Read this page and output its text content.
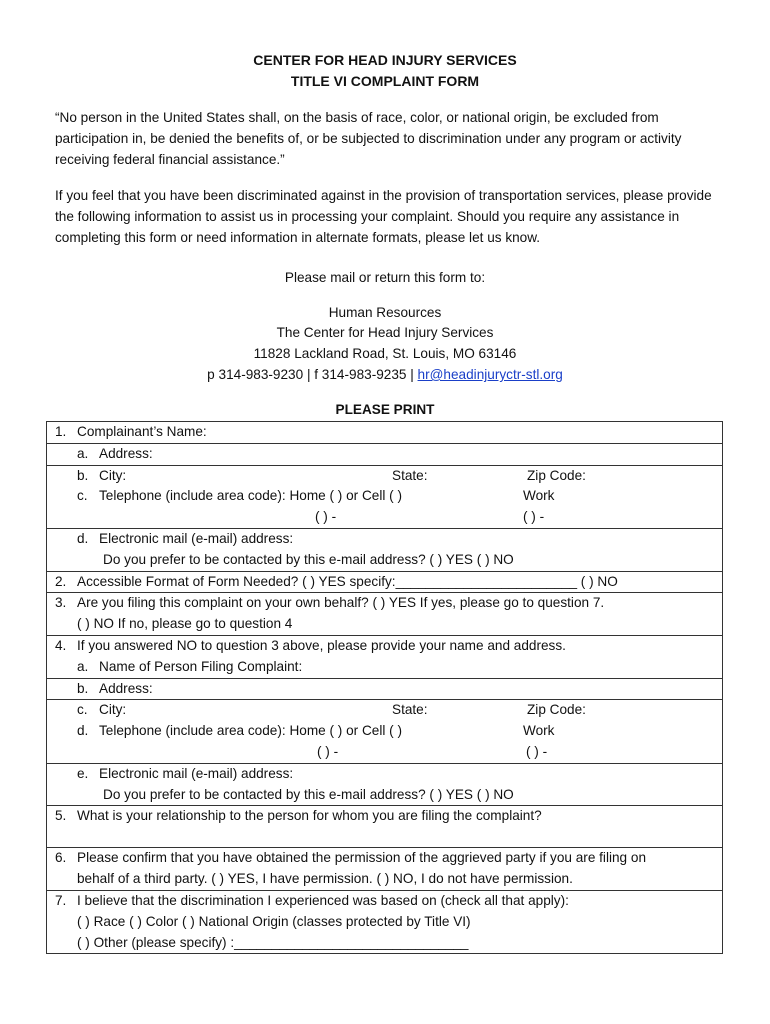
CENTER FOR HEAD INJURY SERVICES
TITLE VI COMPLAINT FORM
“No person in the United States shall, on the basis of race, color, or national origin, be excluded from participation in, be denied the benefits of, or be subjected to discrimination under any program or activity receiving federal financial assistance.”
If you feel that you have been discriminated against in the provision of transportation services, please provide the following information to assist us in processing your complaint. Should you require any assistance in completing this form or need information in alternate formats, please let us know.
Please mail or return this form to:
Human Resources
The Center for Head Injury Services
11828 Lackland Road, St. Louis, MO 63146
p 314-983-9230 | f 314-983-9235 | hr@headinjuryctr-stl.org
PLEASE PRINT
1. Complainant’s Name:

a. Address:

b. City:	State:	Zip Code:
c. Telephone (include area code): Home ( ) or Cell ( )	Work
( ) -	( ) -

d. Electronic mail (e-mail) address:
Do you prefer to be contacted by this e-mail address? ( ) YES ( ) NO

2. Accessible Format of Form Needed? ( ) YES specify:________________________ ( ) NO

3. Are you filing this complaint on your own behalf? ( ) YES If yes, please go to question 7.
( ) NO If no, please go to question 4

4. If you answered NO to question 3 above, please provide your name and address.
a. Name of Person Filing Complaint:

b. Address:

c. City:	State:	Zip Code:
d. Telephone (include area code): Home ( ) or Cell ( )	Work
( ) -	( ) -

e. Electronic mail (e-mail) address:
Do you prefer to be contacted by this e-mail address? ( ) YES ( ) NO

5. What is your relationship to the person for whom you are filing the complaint?

6. Please confirm that you have obtained the permission of the aggrieved party if you are filing on
behalf of a third party. ( ) YES, I have permission. ( ) NO, I do not have permission.

7. I believe that the discrimination I experienced was based on (check all that apply):
( ) Race ( ) Color ( ) National Origin (classes protected by Title VI)
( ) Other (please specify) :_______________________________
